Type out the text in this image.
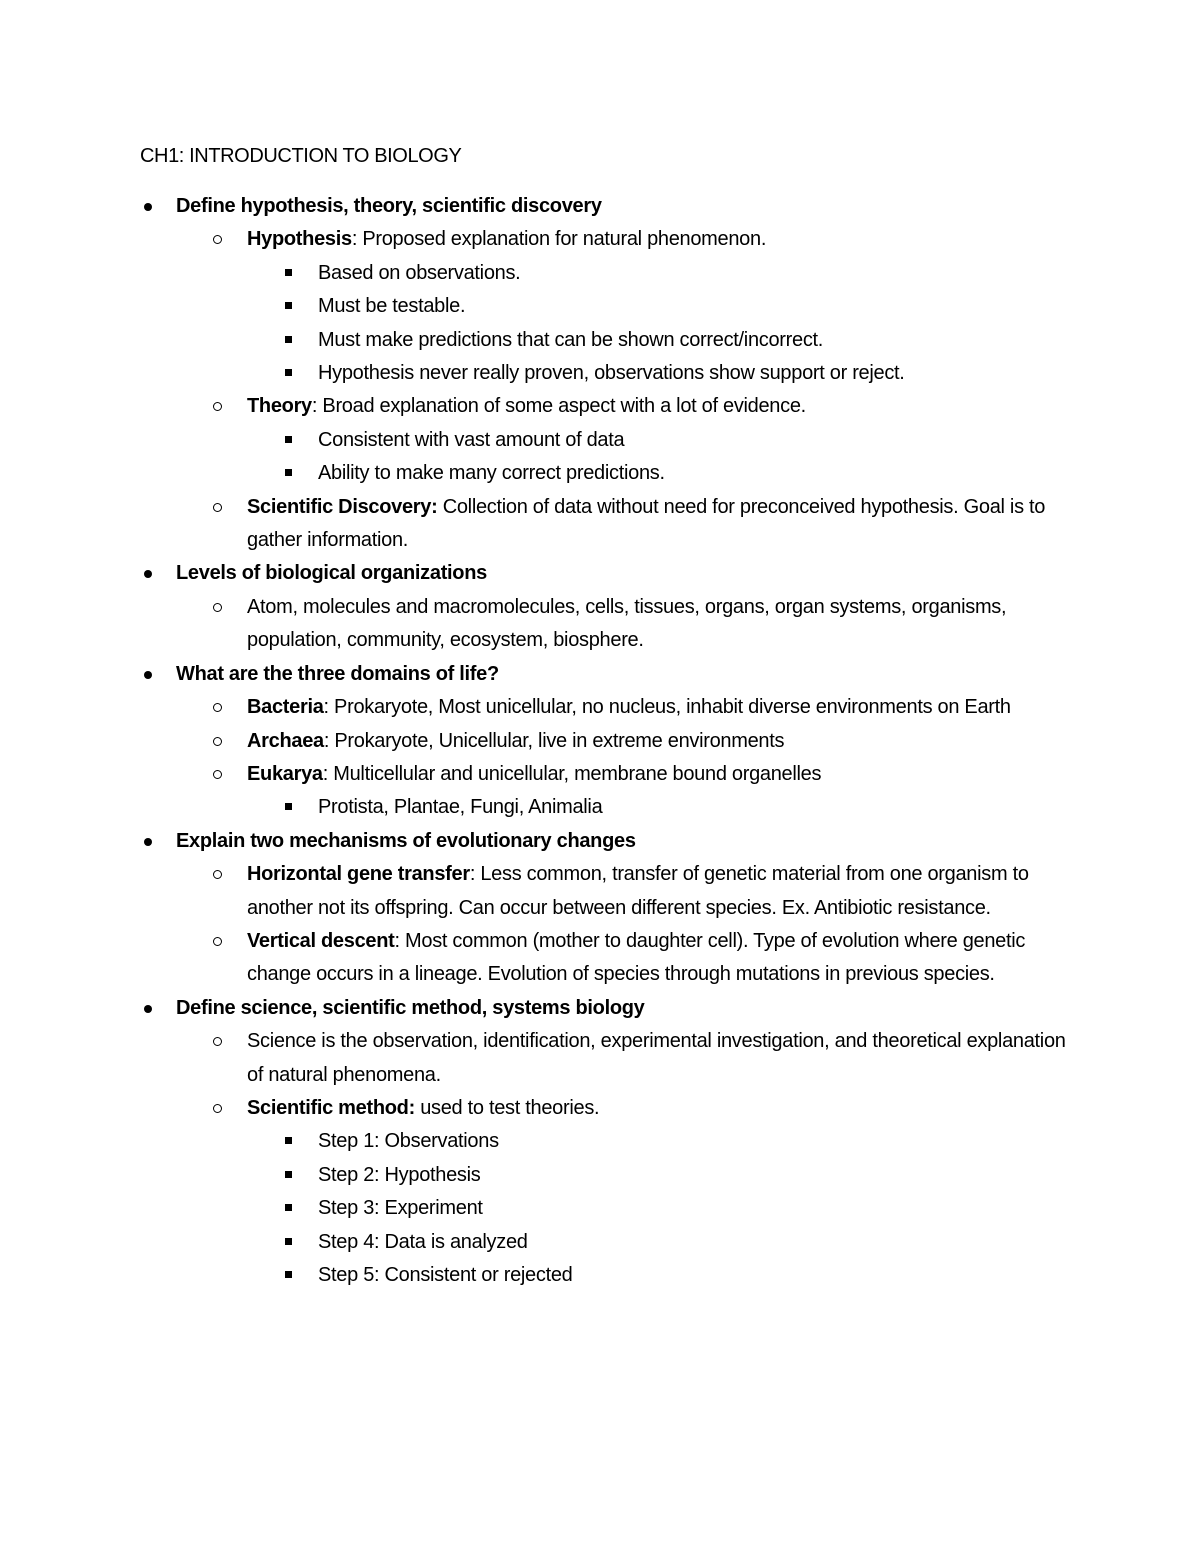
CH1: INTRODUCTION TO BIOLOGY
Define hypothesis, theory, scientific discovery
Hypothesis: Proposed explanation for natural phenomenon.
Based on observations.
Must be testable.
Must make predictions that can be shown correct/incorrect.
Hypothesis never really proven, observations show support or reject.
Theory: Broad explanation of some aspect with a lot of evidence.
Consistent with vast amount of data
Ability to make many correct predictions.
Scientific Discovery: Collection of data without need for preconceived hypothesis. Goal is to gather information.
Levels of biological organizations
Atom, molecules and macromolecules, cells, tissues, organs, organ systems, organisms, population, community, ecosystem, biosphere.
What are the three domains of life?
Bacteria: Prokaryote, Most unicellular, no nucleus, inhabit diverse environments on Earth
Archaea: Prokaryote, Unicellular, live in extreme environments
Eukarya: Multicellular and unicellular, membrane bound organelles
Protista, Plantae, Fungi, Animalia
Explain two mechanisms of evolutionary changes
Horizontal gene transfer: Less common, transfer of genetic material from one organism to another not its offspring. Can occur between different species. Ex. Antibiotic resistance.
Vertical descent: Most common (mother to daughter cell). Type of evolution where genetic change occurs in a lineage. Evolution of species through mutations in previous species.
Define science, scientific method, systems biology
Science is the observation, identification, experimental investigation, and theoretical explanation of natural phenomena.
Scientific method: used to test theories.
Step 1: Observations
Step 2: Hypothesis
Step 3: Experiment
Step 4: Data is analyzed
Step 5: Consistent or rejected
